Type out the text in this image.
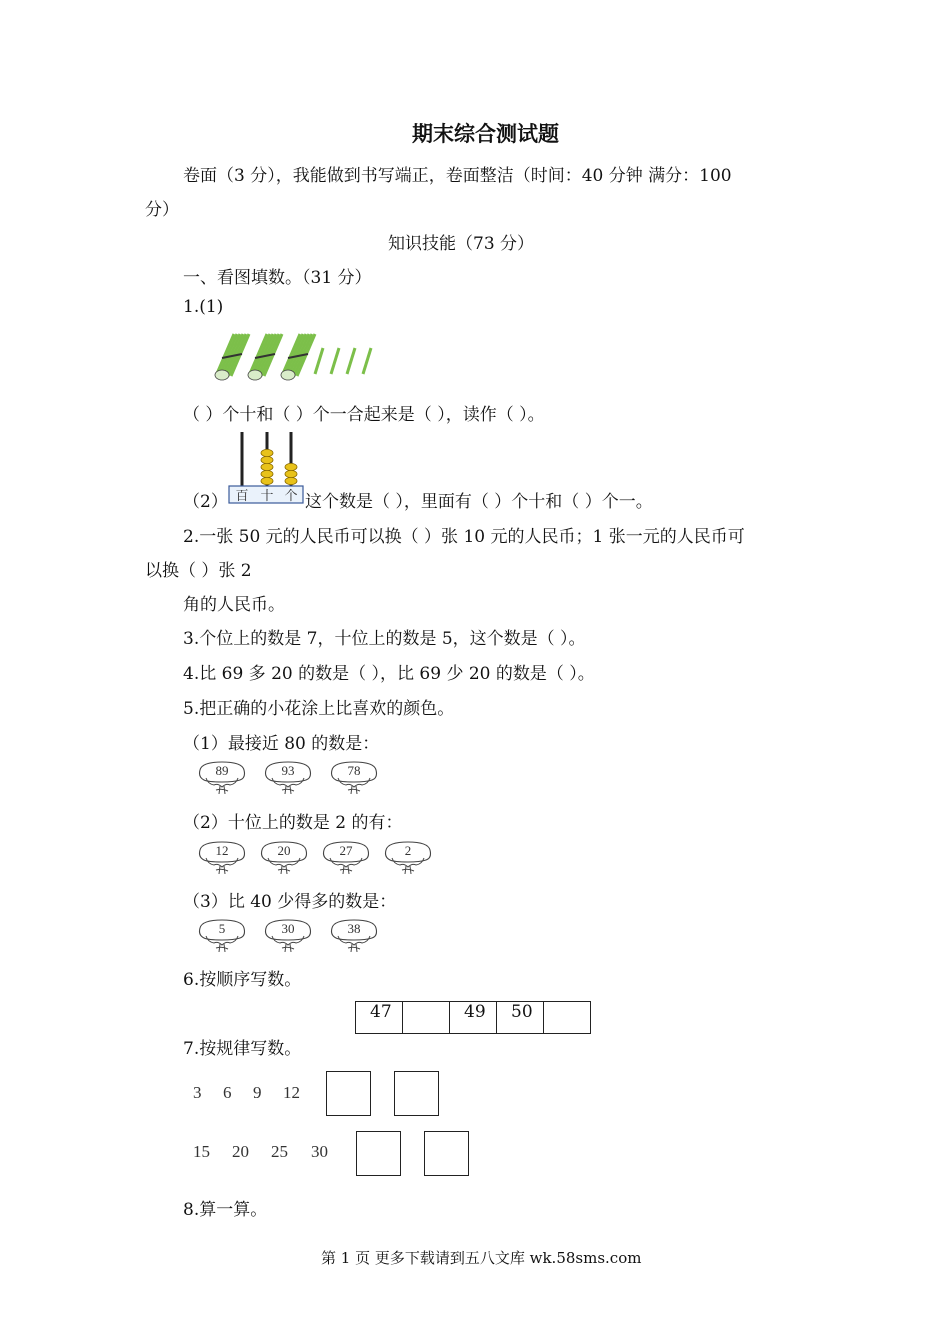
期末综合测试题
卷面（3 分），我能做到书写端正，卷面整洁（时间：40 分钟 满分：100
分）
知识技能（73 分）
一、看图填数。（31 分）
1.(1)
（ ）个十和（ ）个一合起来是（ ），读作（ ）。
（2） 百 十 个 这个数是（ ），里面有（ ）个十和（ ）个一。
2.一张 50 元的人民币可以换（ ）张 10 元的人民币；1 张一元的人民币可
以换（ ）张 2
角的人民币。
3.个位上的数是 7，十位上的数是 5，这个数是（ ）。
4.比 69 多 20 的数是（ ），比 69 少 20 的数是（ ）。
5.把正确的小花涂上比喜欢的颜色。
（1）最接近 80 的数是：
89	93	78
（2）十位上的数是 2 的有：
12	20	27	2
（3）比 40 少得多的数是：
5	30	38
6.按顺序写数。
47		49	50	
7.按规律写数。
3 6 9 12
15 20 25 30
8.算一算。
第 1 页 更多下载请到五八文库 wk.58sms.com
